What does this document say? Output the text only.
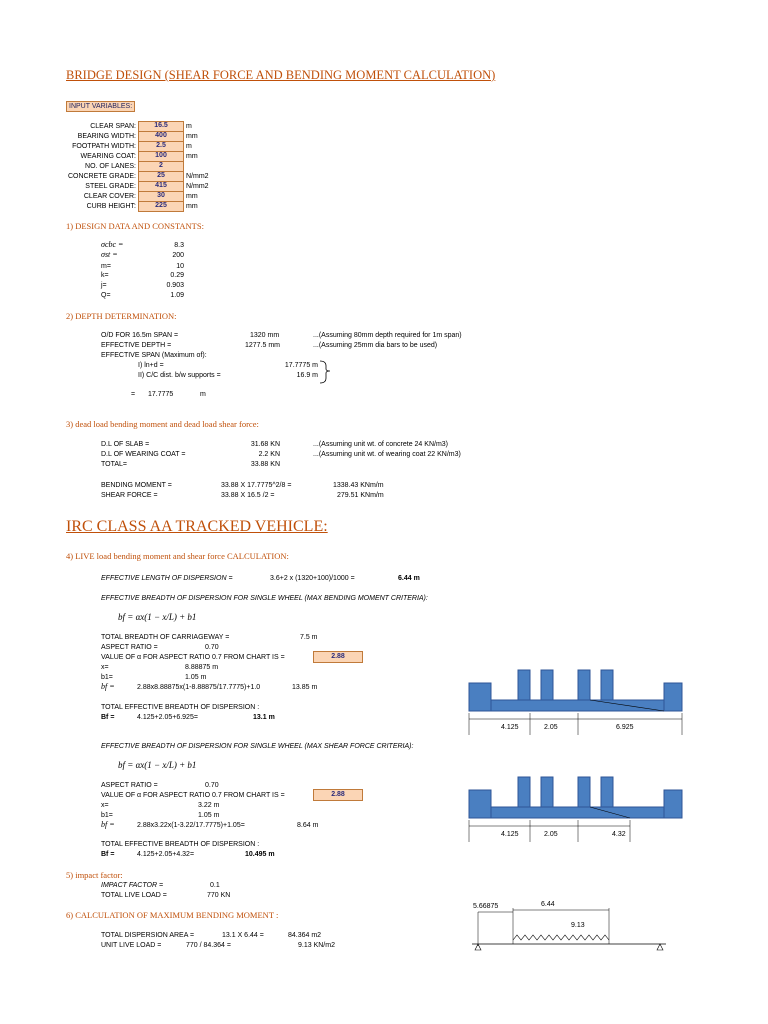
BRIDGE DESIGN (SHEAR FORCE AND BENDING MOMENT CALCULATION)
INPUT VARIABLES:
CLEAR SPAN:	16.5	m
BEARING WIDTH:	400	mm
FOOTPATH WIDTH:	2.5	m
WEARING COAT:	100	mm
NO. OF LANES:	2
CONCRETE GRADE:	25	N/mm2
STEEL GRADE:	415	N/mm2
CLEAR COVER:	30	mm
CURB HEIGHT:	225	mm
1) DESIGN DATA AND CONSTANTS:
σcbc =	8.3
σst =	200
m=	10
k=	0.29
j=	0.903
Q=	1.09
2) DEPTH DETERMINATION:
O/D FOR 16.5m SPAN =	1320 mm	...(Assuming 80mm depth required for 1m span)
EFFECTIVE DEPTH =	1277.5 mm	...(Assuming 25mm dia bars to be used)
EFFECTIVE SPAN (Maximum of):
I) ln+d =	17.7775 m
II) C/C dist. b/w supports =	16.9 m
= 17.7775	m
3) dead load bending moment and dead load shear force:
D.L OF SLAB =	31.68 KN	...(Assuming unit wt. of concrete 24 KN/m3)
D.L OF WEARING COAT =	2.2 KN	...(Assuming unit wt. of wearing coat 22 KN/m3)
TOTAL=	33.88 KN
BENDING MOMENT =	33.88 X 17.7775^2/8 =	1338.43 KNm/m
SHEAR FORCE =	33.88 X 16.5 /2 =	279.51 KNm/m
IRC CLASS AA TRACKED VEHICLE:
4) LIVE load bending moment and shear force CALCULATION:
EFFECTIVE LENGTH OF DISPERSION =	3.6+2 x (1320+100)/1000 =	6.44 m
EFFECTIVE BREADTH OF DISPERSION FOR SINGLE WHEEL (MAX BENDING MOMENT CRITERIA):
bf = αx(1 − x/L) + b1
TOTAL BREADTH OF CARRIAGEWAY =	7.5 m
ASPECT RATIO =	0.70
VALUE OF α FOR ASPECT RATIO 0.7 FROM CHART IS =	2.88
x=	8.88875 m
b1=	1.05 m
bf =	2.88x8.88875x(1-8.88875/17.7775)+1.0	13.85 m
TOTAL EFFECTIVE BREADTH OF DISPERSION :
Bf =	4.125+2.05+6.925=	13.1 m
4.125	2.05	6.925
EFFECTIVE BREADTH OF DISPERSION FOR SINGLE WHEEL (MAX SHEAR FORCE CRITERIA):
bf = αx(1 − x/L) + b1
ASPECT RATIO =	0.70
VALUE OF α FOR ASPECT RATIO 0.7 FROM CHART IS =	2.88
x=	3.22 m
b1=	1.05 m
bf =	2.88x3.22x(1-3.22/17.7775)+1.05=	8.64 m
TOTAL EFFECTIVE BREADTH OF DISPERSION :
Bf =	4.125+2.05+4.32=	10.495 m
4.125	2.05	4.32
5) impact factor:
IMPACT FACTOR =	0.1
TOTAL LIVE LOAD =	770 KN
6) CALCULATION OF MAXIMUM BENDING MOMENT :
TOTAL DISPERSION AREA =	13.1 X 6.44 =	84.364 m2
UNIT LIVE LOAD =	770 / 84.364 =	9.13 KN/m2
5.66875	6.44
9.13
